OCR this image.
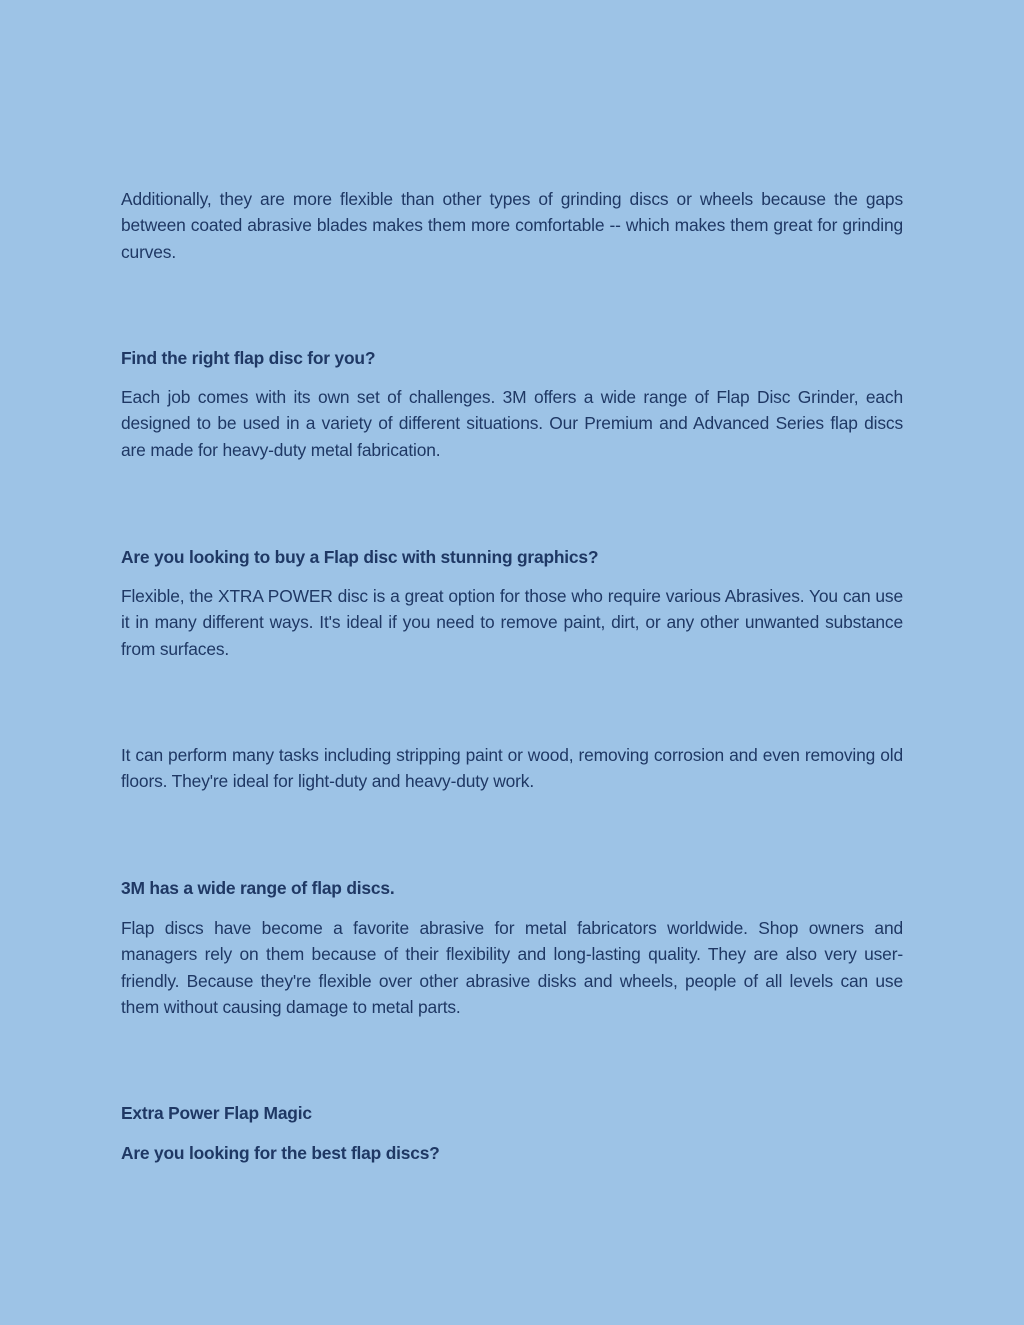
Additionally, they are more flexible than other types of grinding discs or wheels because the gaps between coated abrasive blades makes them more comfortable -- which makes them great for grinding curves.

Find the right flap disc for you?

Each job comes with its own set of challenges. 3M offers a wide range of Flap Disc Grinder, each designed to be used in a variety of different situations. Our Premium and Advanced Series flap discs are made for heavy-duty metal fabrication.

Are you looking to buy a Flap disc with stunning graphics?

Flexible, the XTRA POWER disc is a great option for those who require various Abrasives. You can use it in many different ways. It's ideal if you need to remove paint, dirt, or any other unwanted substance from surfaces.

It can perform many tasks including stripping paint or wood, removing corrosion and even removing old floors. They're ideal for light-duty and heavy-duty work.

3M has a wide range of flap discs.

Flap discs have become a favorite abrasive for metal fabricators worldwide. Shop owners and managers rely on them because of their flexibility and long-lasting quality. They are also very user-friendly. Because they're flexible over other abrasive disks and wheels, people of all levels can use them without causing damage to metal parts.

Extra Power Flap Magic
Are you looking for the best flap discs?
